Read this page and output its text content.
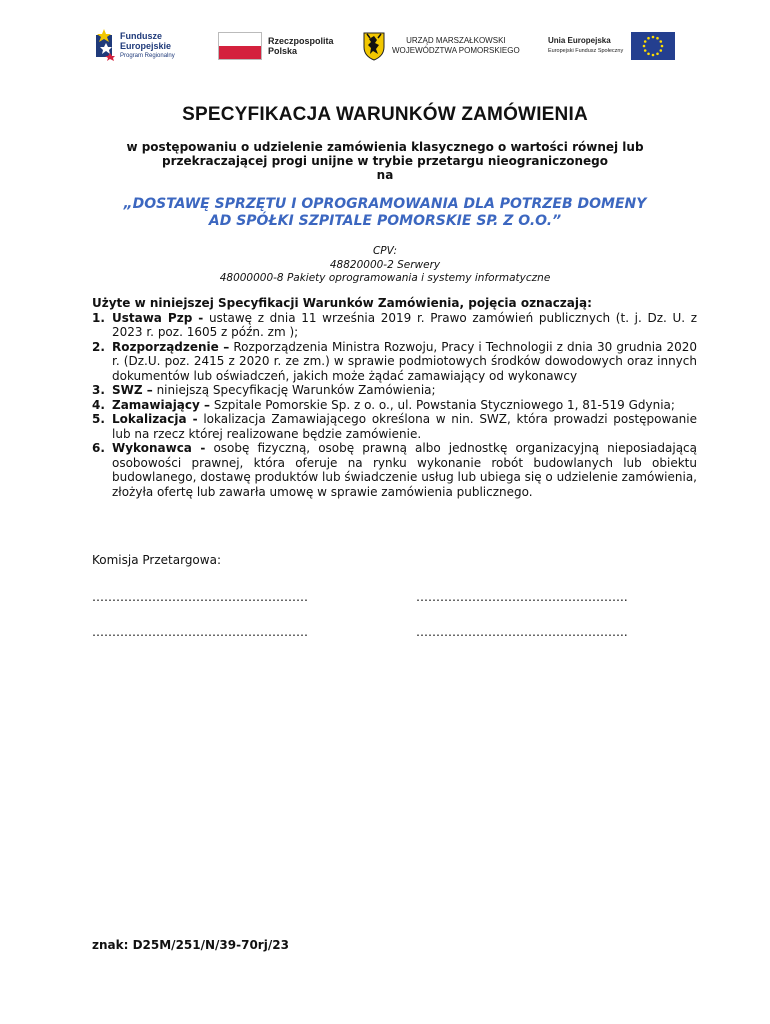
Fundusze
Europejskie
Program Regionalny
Rzeczpospolita
Polska
URZĄD MARSZAŁKOWSKI
WOJEWÓDZTWA POMORSKIEGO
Unia Europejska
Europejski Fundusz Społeczny
SPECYFIKACJA WARUNKÓW ZAMÓWIENIA
w postępowaniu o udzielenie zamówienia klasycznego o wartości równej lub
przekraczającej progi unijne w trybie przetargu nieograniczonego
na
„DOSTAWĘ SPRZĘTU I OPROGRAMOWANIA DLA POTRZEB DOMENY
AD SPÓŁKI SZPITALE POMORSKIE SP. Z O.O.”
CPV:
48820000-2 Serwery
48000000-8 Pakiety oprogramowania i systemy informatyczne
Użyte w niniejszej Specyfikacji Warunków Zamówienia, pojęcia oznaczają:
1. Ustawa Pzp - ustawę z dnia 11 września 2019 r. Prawo zamówień publicznych (t. j. Dz. U. z 2023 r. poz. 1605 z późn. zm );
2. Rozporządzenie – Rozporządzenia Ministra Rozwoju, Pracy i Technologii z dnia 30 grudnia 2020 r. (Dz.U. poz. 2415 z 2020 r. ze zm.) w sprawie podmiotowych środków dowodowych oraz innych dokumentów lub oświadczeń, jakich może żądać zamawiający od wykonawcy
3. SWZ – niniejszą Specyfikację Warunków Zamówienia;
4. Zamawiający – Szpitale Pomorskie Sp. z o. o., ul. Powstania Styczniowego 1, 81-519 Gdynia;
5. Lokalizacja - lokalizacja Zamawiającego określona w nin. SWZ, która prowadzi postępowanie lub na rzecz której realizowane będzie zamówienie.
6. Wykonawca - osobę fizyczną, osobę prawną albo jednostkę organizacyjną nieposiadającą osobowości prawnej, która oferuje na rynku wykonanie robót budowlanych lub obiektu budowlanego, dostawę produktów lub świadczenie usług lub ubiega się o udzielenie zamówienia, złożyła ofertę lub zawarła umowę w sprawie zamówienia publicznego.
Komisja Przetargowa:
………………………………………………	……………………………………………..
………………………………………………	……………………………………………..
znak: D25M/251/N/39-70rj/23
